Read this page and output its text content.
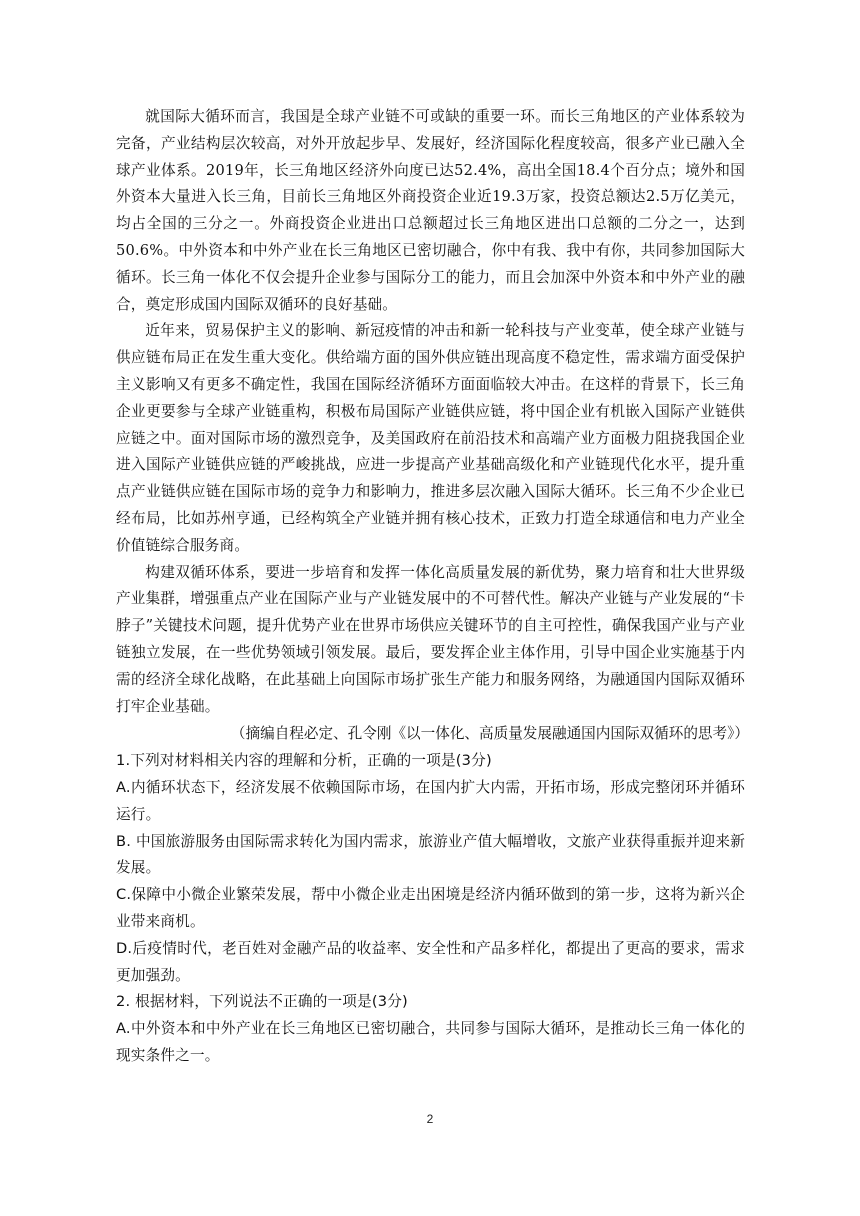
就国际大循环而言，我国是全球产业链不可或缺的重要一环。而长三角地区的产业体系较为完备，产业结构层次较高，对外开放起步早、发展好，经济国际化程度较高，很多产业已融入全球产业体系。2019年，长三角地区经济外向度已达52.4%，高出全国18.4个百分点；境外和国外资本大量进入长三角，目前长三角地区外商投资企业近19.3万家，投资总额达2.5万亿美元，均占全国的三分之一。外商投资企业进出口总额超过长三角地区进出口总额的二分之一，达到50.6%。中外资本和中外产业在长三角地区已密切融合，你中有我、我中有你，共同参加国际大循环。长三角一体化不仅会提升企业参与国际分工的能力，而且会加深中外资本和中外产业的融合，奠定形成国内国际双循环的良好基础。

近年来，贸易保护主义的影响、新冠疫情的冲击和新一轮科技与产业变革，使全球产业链与供应链布局正在发生重大变化。供给端方面的国外供应链出现高度不稳定性，需求端方面受保护主义影响又有更多不确定性，我国在国际经济循环方面面临较大冲击。在这样的背景下，长三角企业更要参与全球产业链重构，积极布局国际产业链供应链，将中国企业有机嵌入国际产业链供应链之中。面对国际市场的激烈竞争，及美国政府在前沿技术和高端产业方面极力阻挠我国企业进入国际产业链供应链的严峻挑战，应进一步提高产业基础高级化和产业链现代化水平，提升重点产业链供应链在国际市场的竞争力和影响力，推进多层次融入国际大循环。长三角不少企业已经布局，比如苏州亨通，已经构筑全产业链并拥有核心技术，正致力打造全球通信和电力产业全价值链综合服务商。

构建双循环体系，要进一步培育和发挥一体化高质量发展的新优势，聚力培育和壮大世界级产业集群，增强重点产业在国际产业与产业链发展中的不可替代性。解决产业链与产业发展的“卡脖子”关键技术问题，提升优势产业在世界市场供应关键环节的自主可控性，确保我国产业与产业链独立发展，在一些优势领域引领发展。最后，要发挥企业主体作用，引导中国企业实施基于内需的经济全球化战略，在此基础上向国际市场扩张生产能力和服务网络，为融通国内国际双循环打牢企业基础。

（摘编自程必定、孔令刚《以一体化、高质量发展融通国内国际双循环的思考》）

1.下列对材料相关内容的理解和分析，正确的一项是(3分)

A.内循环状态下，经济发展不依赖国际市场，在国内扩大内需，开拓市场，形成完整闭环并循环运行。

B. 中国旅游服务由国际需求转化为国内需求，旅游业产值大幅增收，文旅产业获得重振并迎来新发展。

C.保障中小微企业繁荣发展，帮中小微企业走出困境是经济内循环做到的第一步，这将为新兴企业带来商机。

D.后疫情时代，老百姓对金融产品的收益率、安全性和产品多样化，都提出了更高的要求，需求更加强劲。

2. 根据材料，下列说法不正确的一项是(3分)

A.中外资本和中外产业在长三角地区已密切融合，共同参与国际大循环，是推动长三角一体化的现实条件之一。

2
